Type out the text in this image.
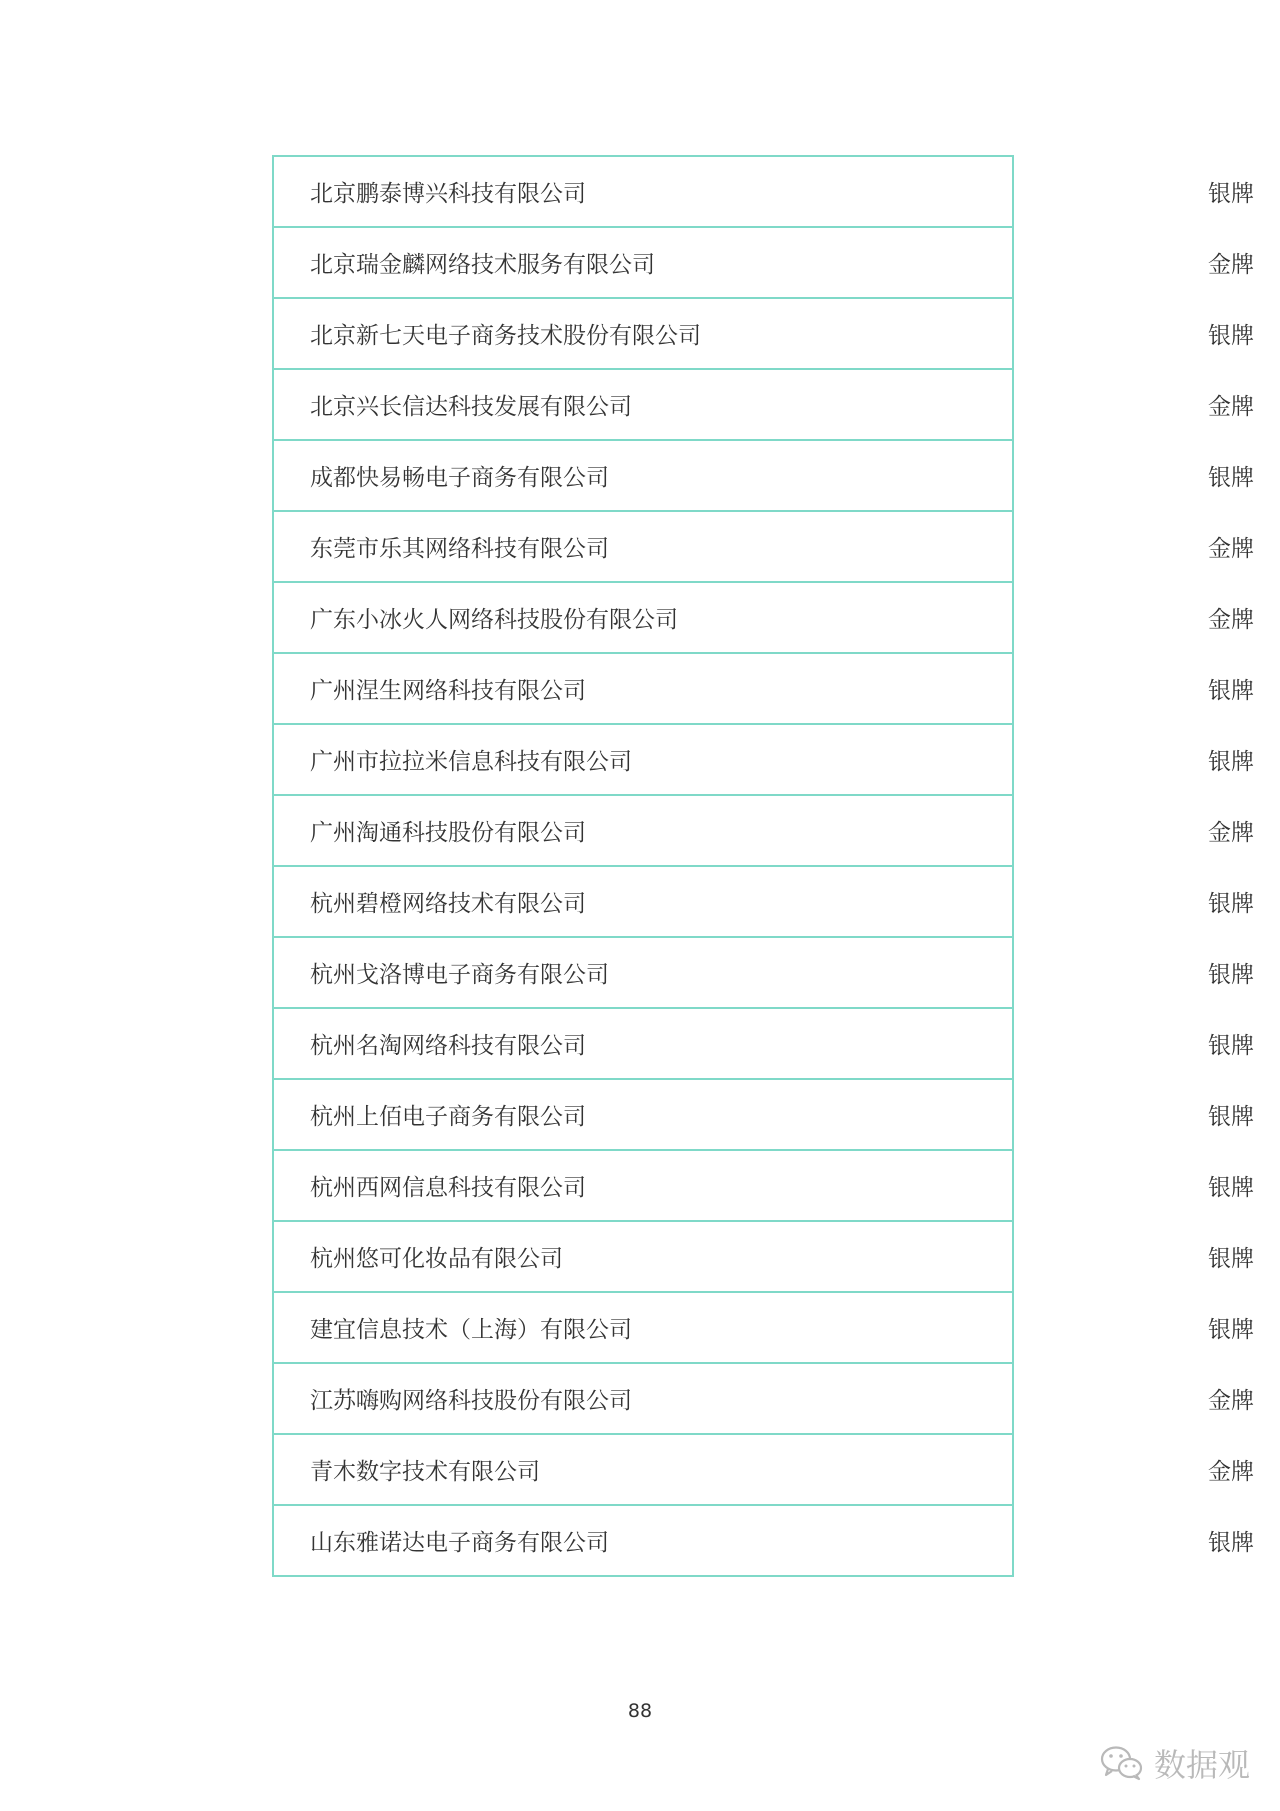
北京鹏泰博兴科技有限公司	银牌
北京瑞金麟网络技术服务有限公司	金牌
北京新七天电子商务技术股份有限公司	银牌
北京兴长信达科技发展有限公司	金牌
成都快易畅电子商务有限公司	银牌
东莞市乐其网络科技有限公司	金牌
广东小冰火人网络科技股份有限公司	金牌
广州涅生网络科技有限公司	银牌
广州市拉拉米信息科技有限公司	银牌
广州淘通科技股份有限公司	金牌
杭州碧橙网络技术有限公司	银牌
杭州戈洛博电子商务有限公司	银牌
杭州名淘网络科技有限公司	银牌
杭州上佰电子商务有限公司	银牌
杭州西网信息科技有限公司	银牌
杭州悠可化妆品有限公司	银牌
建宜信息技术（上海）有限公司	银牌
江苏嗨购网络科技股份有限公司	金牌
青木数字技术有限公司	金牌
山东雅诺达电子商务有限公司	银牌
88
数据观
